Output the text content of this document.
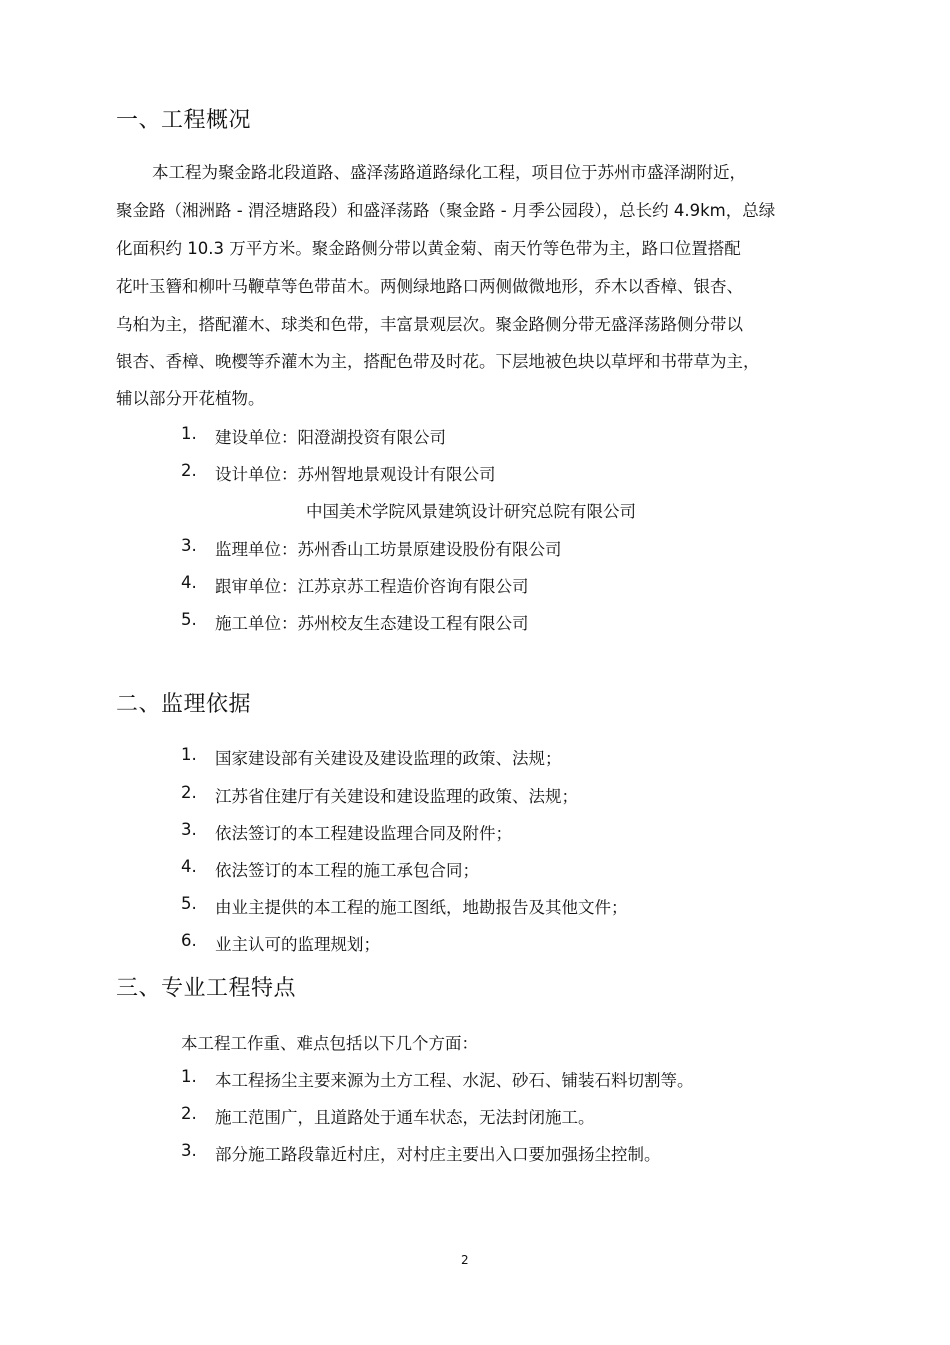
一、工程概况
本工程为聚金路北段道路、盛泽荡路道路绿化工程，项目位于苏州市盛泽湖附近，
聚金路（湘洲路 - 渭泾塘路段）和盛泽荡路（聚金路 - 月季公园段），总长约 4.9km，总绿
化面积约 10.3 万平方米。聚金路侧分带以黄金菊、南天竹等色带为主，路口位置搭配
花叶玉簪和柳叶马鞭草等色带苗木。两侧绿地路口两侧做微地形，乔木以香樟、银杏、
乌桕为主，搭配灌木、球类和色带，丰富景观层次。聚金路侧分带无盛泽荡路侧分带以
银杏、香樟、晚樱等乔灌木为主，搭配色带及时花。下层地被色块以草坪和书带草为主，
辅以部分开花植物。
1. 建设单位：阳澄湖投资有限公司
2. 设计单位：苏州智地景观设计有限公司
中国美术学院风景建筑设计研究总院有限公司
3. 监理单位：苏州香山工坊景原建设股份有限公司
4. 跟审单位：江苏京苏工程造价咨询有限公司
5. 施工单位：苏州校友生态建设工程有限公司
二、监理依据
1. 国家建设部有关建设及建设监理的政策、法规；
2. 江苏省住建厅有关建设和建设监理的政策、法规；
3. 依法签订的本工程建设监理合同及附件；
4. 依法签订的本工程的施工承包合同；
5. 由业主提供的本工程的施工图纸，地勘报告及其他文件；
6. 业主认可的监理规划；
三、专业工程特点
本工程工作重、难点包括以下几个方面：
1. 本工程扬尘主要来源为土方工程、水泥、砂石、铺装石料切割等。
2. 施工范围广，且道路处于通车状态，无法封闭施工。
3. 部分施工路段靠近村庄，对村庄主要出入口要加强扬尘控制。
2
